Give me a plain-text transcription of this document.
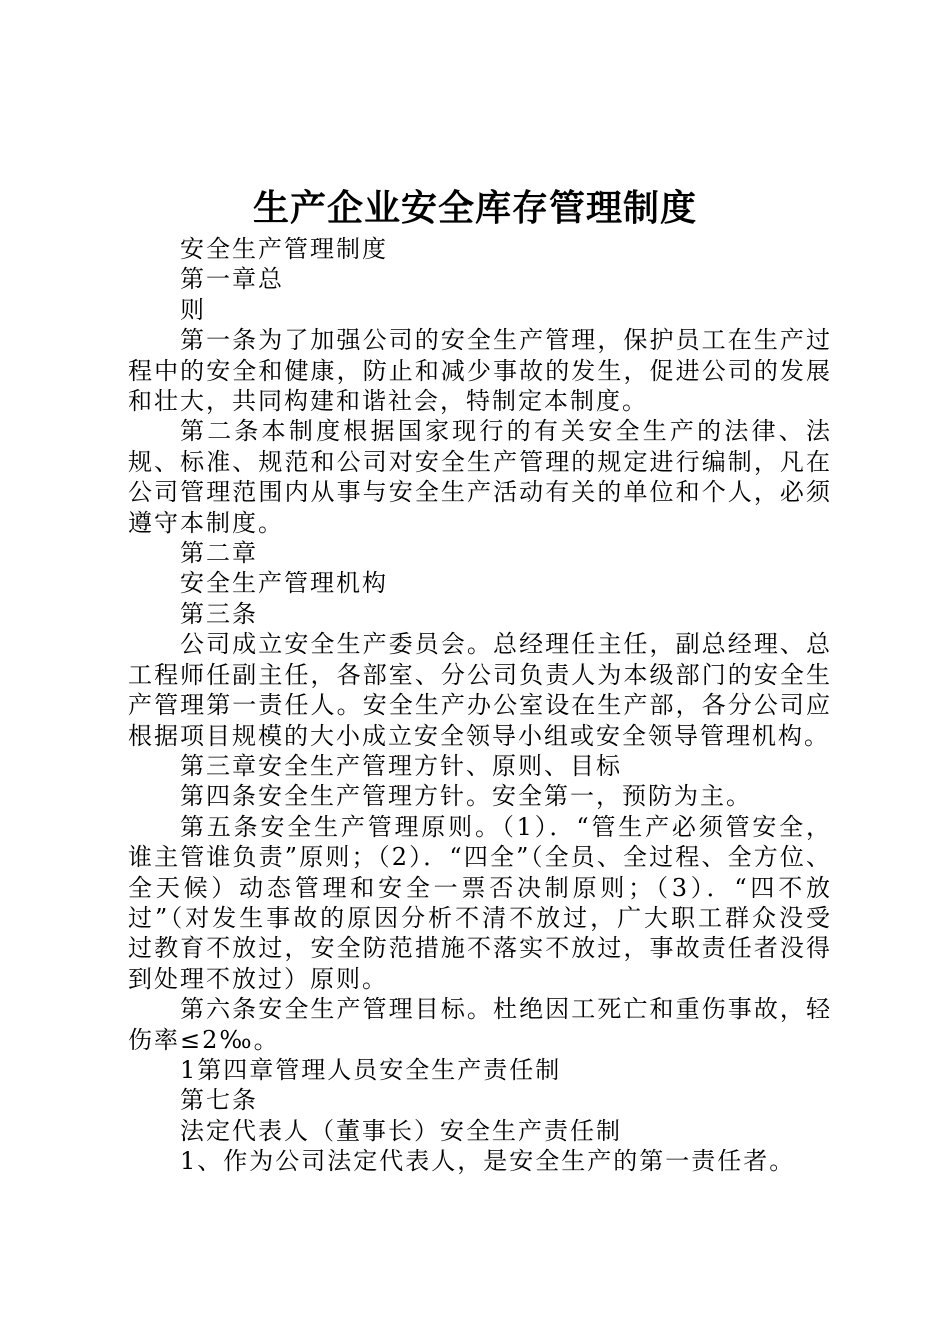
生产企业安全库存管理制度

安全生产管理制度

第一章总

则

第一条为了加强公司的安全生产管理，保护员工在生产过程中的安全和健康，防止和减少事故的发生，促进公司的发展和壮大，共同构建和谐社会，特制定本制度。

第二条本制度根据国家现行的有关安全生产的法律、法规、标准、规范和公司对安全生产管理的规定进行编制，凡在公司管理范围内从事与安全生产活动有关的单位和个人，必须遵守本制度。

第二章

安全生产管理机构

第三条

公司成立安全生产委员会。总经理任主任，副总经理、总工程师任副主任，各部室、分公司负责人为本级部门的安全生产管理第一责任人。安全生产办公室设在生产部，各分公司应根据项目规模的大小成立安全领导小组或安全领导管理机构。

第三章安全生产管理方针、原则、目标

第四条安全生产管理方针。安全第一，预防为主。

第五条安全生产管理原则。（1）．“管生产必须管安全，谁主管谁负责”原则；（2）．“四全”（全员、全过程、全方位、全天候）动态管理和安全一票否决制原则；（3）．“四不放过”（对发生事故的原因分析不清不放过，广大职工群众没受过教育不放过，安全防范措施不落实不放过，事故责任者没得到处理不放过）原则。

第六条安全生产管理目标。杜绝因工死亡和重伤事故，轻伤率≤2‰。

1第四章管理人员安全生产责任制

第七条

法定代表人（董事长）安全生产责任制

1、作为公司法定代表人，是安全生产的第一责任者。
